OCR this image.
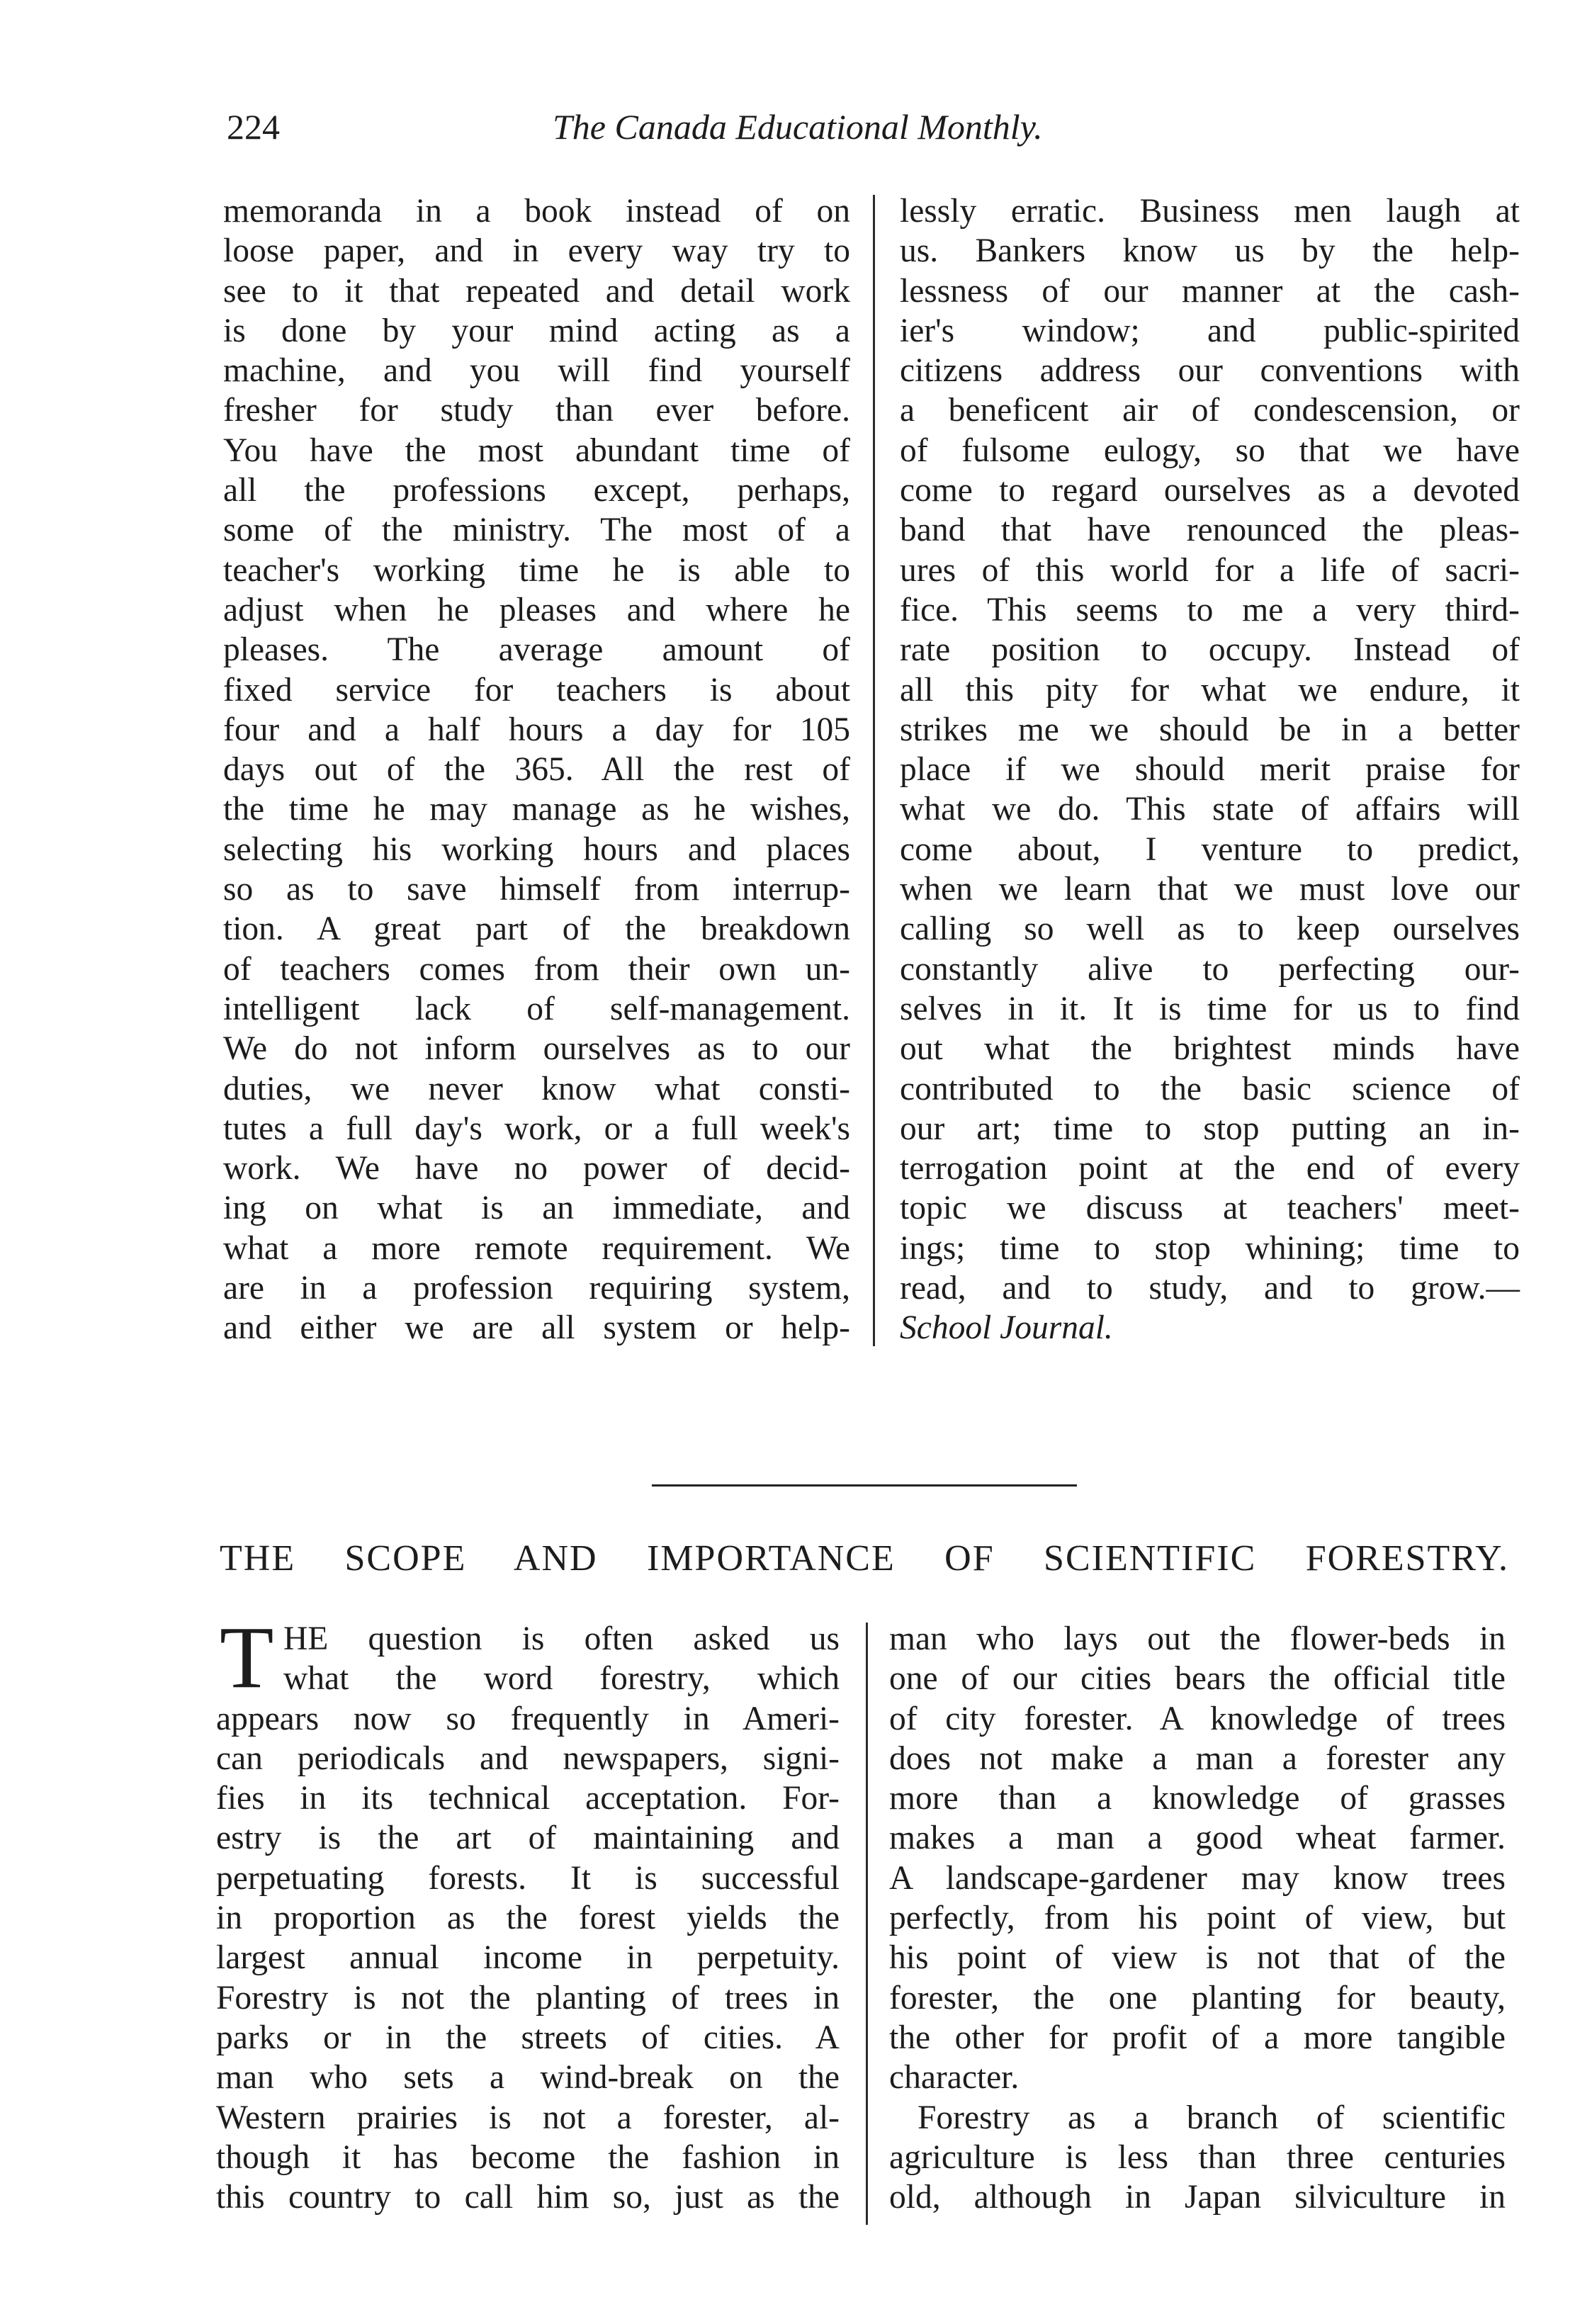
224	The Canada Educational Monthly.
memoranda in a book instead of on
loose paper, and in every way try to
see to it that repeated and detail work
is done by your mind acting as a
machine, and you will find yourself
fresher for study than ever before.
You have the most abundant time of
all the professions except, perhaps,
some of the ministry. The most of a
teacher's working time he is able to
adjust when he pleases and where he
pleases. The average amount of
fixed service for teachers is about
four and a half hours a day for 105
days out of the 365. All the rest of
the time he may manage as he wishes,
selecting his working hours and places
so as to save himself from interrup-
tion. A great part of the breakdown
of teachers comes from their own un-
intelligent lack of self-management.
We do not inform ourselves as to our
duties, we never know what consti-
tutes a full day's work, or a full week's
work. We have no power of decid-
ing on what is an immediate, and
what a more remote requirement. We
are in a profession requiring system,
and either we are all system or help-
lessly erratic. Business men laugh at
us. Bankers know us by the help-
lessness of our manner at the cash-
ier's window; and public-spirited
citizens address our conventions with
a beneficent air of condescension, or
of fulsome eulogy, so that we have
come to regard ourselves as a devoted
band that have renounced the pleas-
ures of this world for a life of sacri-
fice. This seems to me a very third-
rate position to occupy. Instead of
all this pity for what we endure, it
strikes me we should be in a better
place if we should merit praise for
what we do. This state of affairs will
come about, I venture to predict,
when we learn that we must love our
calling so well as to keep ourselves
constantly alive to perfecting our-
selves in it. It is time for us to find
out what the brightest minds have
contributed to the basic science of
our art; time to stop putting an in-
terrogation point at the end of every
topic we discuss at teachers' meet-
ings; time to stop whining; time to
read, and to study, and to grow.—
School Journal.
THE SCOPE AND IMPORTANCE OF SCIENTIFIC FORESTRY.
T HE question is often asked us
what the word forestry, which
appears now so frequently in Ameri-
can periodicals and newspapers, signi-
fies in its technical acceptation. For-
estry is the art of maintaining and
perpetuating forests. It is successful
in proportion as the forest yields the
largest annual income in perpetuity.
Forestry is not the planting of trees in
parks or in the streets of cities. A
man who sets a wind-break on the
Western prairies is not a forester, al-
though it has become the fashion in
this country to call him so, just as the
man who lays out the flower-beds in
one of our cities bears the official title
of city forester. A knowledge of trees
does not make a man a forester any
more than a knowledge of grasses
makes a man a good wheat farmer.
A landscape-gardener may know trees
perfectly, from his point of view, but
his point of view is not that of the
forester, the one planting for beauty,
the other for profit of a more tangible
character.
Forestry as a branch of scientific
agriculture is less than three centuries
old, although in Japan silviculture in
